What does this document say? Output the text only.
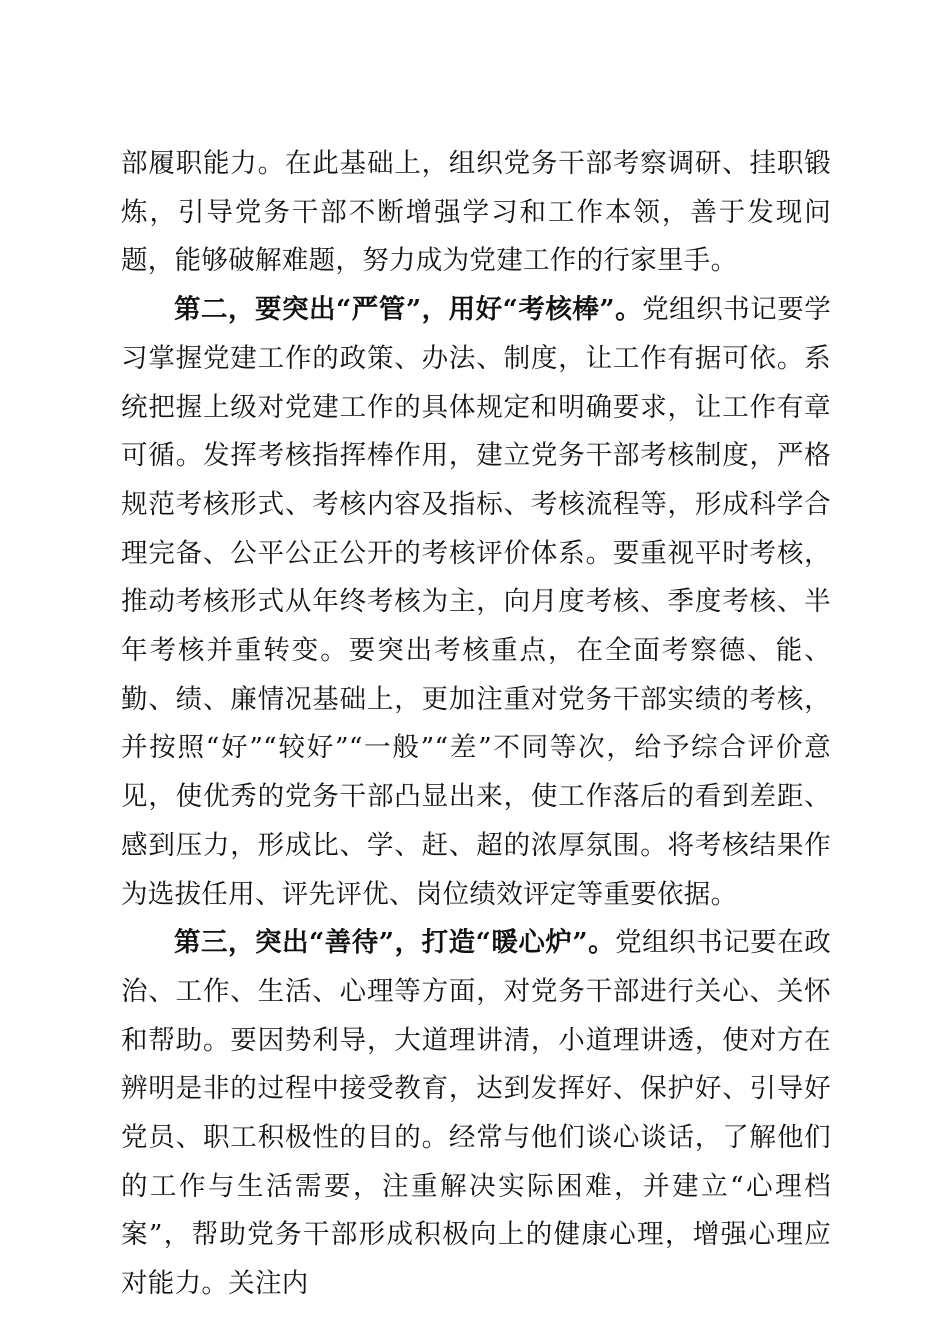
部履职能力。在此基础上，组织党务干部考察调研、挂职锻炼，引导党务干部不断增强学习和工作本领，善于发现问题，能够破解难题，努力成为党建工作的行家里手。

第二，要突出“严管”，用好“考核棒”。党组织书记要学习掌握党建工作的政策、办法、制度，让工作有据可依。系统把握上级对党建工作的具体规定和明确要求，让工作有章可循。发挥考核指挥棒作用，建立党务干部考核制度，严格规范考核形式、考核内容及指标、考核流程等，形成科学合理完备、公平公正公开的考核评价体系。要重视平时考核，推动考核形式从年终考核为主，向月度考核、季度考核、半年考核并重转变。要突出考核重点，在全面考察德、能、勤、绩、廉情况基础上，更加注重对党务干部实绩的考核，并按照“好”“较好”“一般”“差”不同等次，给予综合评价意见，使优秀的党务干部凸显出来，使工作落后的看到差距、感到压力，形成比、学、赶、超的浓厚氛围。将考核结果作为选拔任用、评先评优、岗位绩效评定等重要依据。

第三，突出“善待”，打造“暖心炉”。党组织书记要在政治、工作、生活、心理等方面，对党务干部进行关心、关怀和帮助。要因势利导，大道理讲清，小道理讲透，使对方在辨明是非的过程中接受教育，达到发挥好、保护好、引导好党员、职工积极性的目的。经常与他们谈心谈话，了解他们的工作与生活需要，注重解决实际困难，并建立“心理档案”，帮助党务干部形成积极向上的健康心理，增强心理应对能力。关注内
